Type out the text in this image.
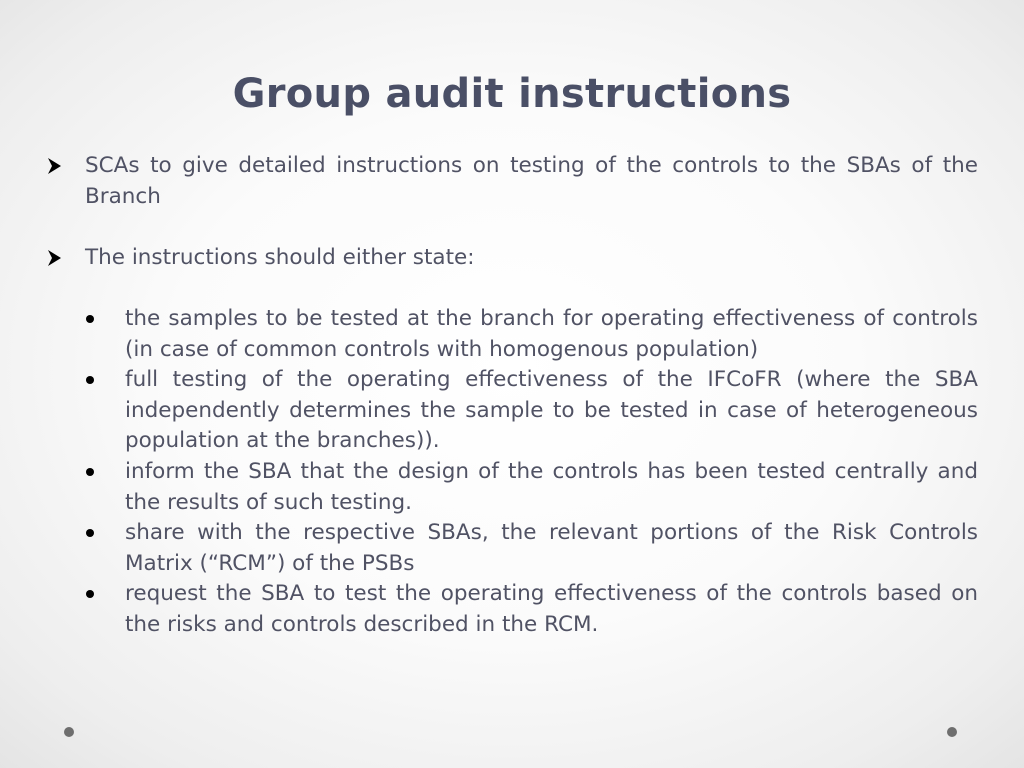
Group audit instructions
SCAs to give detailed instructions on testing of the controls to the SBAs of the Branch
The instructions should either state:
the samples to be tested at the branch for operating effectiveness of controls (in case of common controls with homogenous population)
full testing of the operating effectiveness of the IFCoFR (where the SBA independently determines the sample to be tested in case of heterogeneous population at the branches)).
inform the SBA that the design of the controls has been tested centrally and the results of such testing.
share with the respective SBAs, the relevant portions of the Risk Controls Matrix (“RCM”) of the PSBs
request the SBA to test the operating effectiveness of the controls based on the risks and controls described in the RCM.
